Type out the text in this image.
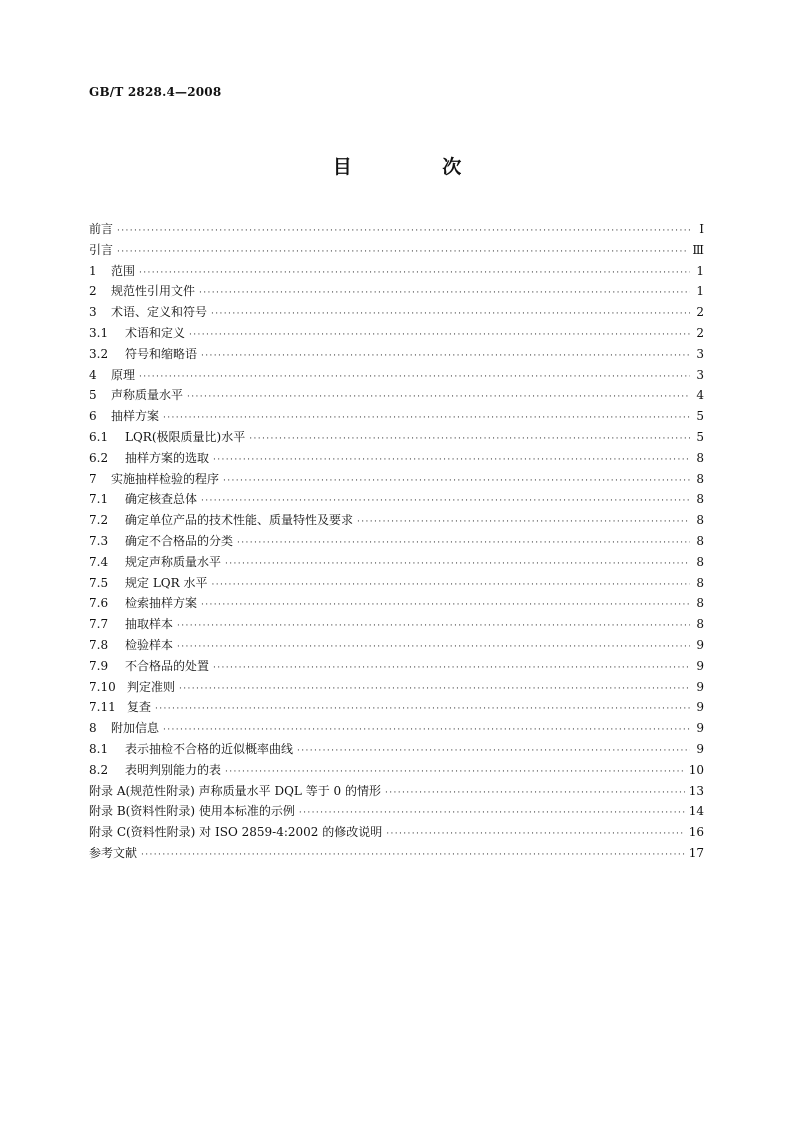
GB/T 2828.4—2008
目 次
前言 ·····	Ⅰ
引言 ·····	Ⅲ
1	范围 ·····	1
2	规范性引用文件 ·····	1
3	术语、定义和符号 ·····	2
3.1	术语和定义 ·····	2
3.2	符号和缩略语 ·····	3
4	原理 ·····	3
5	声称质量水平 ·····	4
6	抽样方案 ·····	5
6.1	LQR(极限质量比)水平 ·····	5
6.2	抽样方案的选取 ·····	8
7	实施抽样检验的程序 ·····	8
7.1	确定核查总体 ·····	8
7.2	确定单位产品的技术性能、质量特性及要求 ·····	8
7.3	确定不合格品的分类 ·····	8
7.4	规定声称质量水平 ·····	8
7.5	规定 LQR 水平 ·····	8
7.6	检索抽样方案 ·····	8
7.7	抽取样本 ·····	8
7.8	检验样本 ·····	9
7.9	不合格品的处置 ·····	9
7.10 判定准则 ·····	9
7.11 复查 ·····	9
8	附加信息 ·····	9
8.1	表示抽检不合格的近似概率曲线 ·····	9
8.2	表明判别能力的表 ·····	10
附录 A (规范性附录) 声称质量水平 DQL 等于 0 的情形 ·····	13
附录 B (资料性附录) 使用本标准的示例 ·····	14
附录 C (资料性附录) 对 ISO 2859-4:2002 的修改说明 ·····	16
参考文献 ·····	17
